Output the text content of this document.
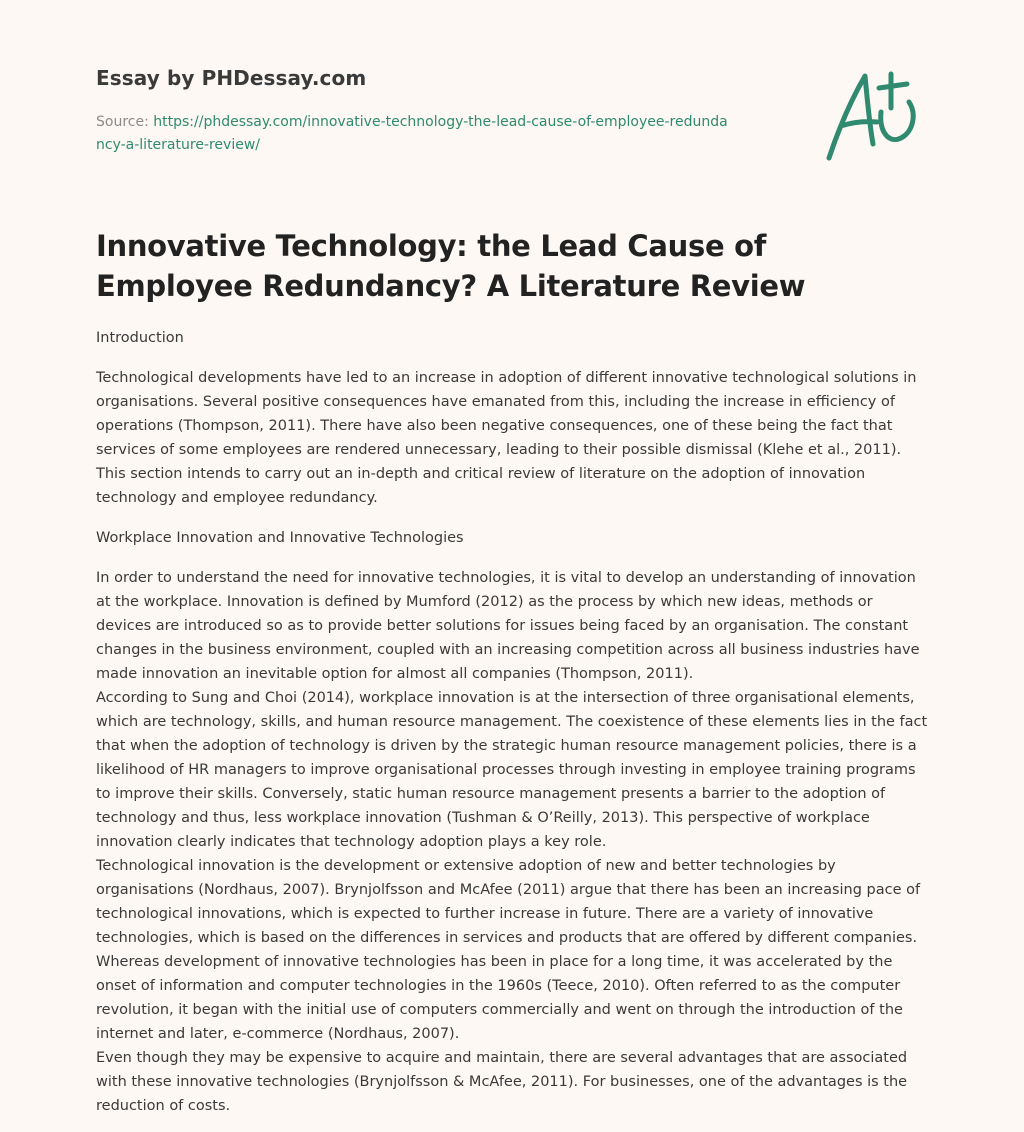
Essay by PHDessay.com
Source: https://phdessay.com/innovative-technology-the-lead-cause-of-employee-redundancy-a-literature-review/
Innovative Technology: the Lead Cause of Employee Redundancy? A Literature Review

Introduction

Technological developments have led to an increase in adoption of different innovative technological solutions in organisations. Several positive consequences have emanated from this, including the increase in efficiency of operations (Thompson, 2011). There have also been negative consequences, one of these being the fact that services of some employees are rendered unnecessary, leading to their possible dismissal (Klehe et al., 2011). This section intends to carry out an in-depth and critical review of literature on the adoption of innovation technology and employee redundancy.

Workplace Innovation and Innovative Technologies

In order to understand the need for innovative technologies, it is vital to develop an understanding of innovation at the workplace. Innovation is defined by Mumford (2012) as the process by which new ideas, methods or devices are introduced so as to provide better solutions for issues being faced by an organisation. The constant changes in the business environment, coupled with an increasing competition across all business industries have made innovation an inevitable option for almost all companies (Thompson, 2011).

According to Sung and Choi (2014), workplace innovation is at the intersection of three organisational elements, which are technology, skills, and human resource management. The coexistence of these elements lies in the fact that when the adoption of technology is driven by the strategic human resource management policies, there is a likelihood of HR managers to improve organisational processes through investing in employee training programs to improve their skills. Conversely, static human resource management presents a barrier to the adoption of technology and thus, less workplace innovation (Tushman & O’Reilly, 2013). This perspective of workplace innovation clearly indicates that technology adoption plays a key role.

Technological innovation is the development or extensive adoption of new and better technologies by organisations (Nordhaus, 2007). Brynjolfsson and McAfee (2011) argue that there has been an increasing pace of technological innovations, which is expected to further increase in future. There are a variety of innovative technologies, which is based on the differences in services and products that are offered by different companies. Whereas development of innovative technologies has been in place for a long time, it was accelerated by the onset of information and computer technologies in the 1960s (Teece, 2010). Often referred to as the computer revolution, it began with the initial use of computers commercially and went on through the introduction of the internet and later, e-commerce (Nordhaus, 2007).

Even though they may be expensive to acquire and maintain, there are several advantages that are associated with these innovative technologies (Brynjolfsson & McAfee, 2011). For businesses, one of the advantages is the reduction of costs.
